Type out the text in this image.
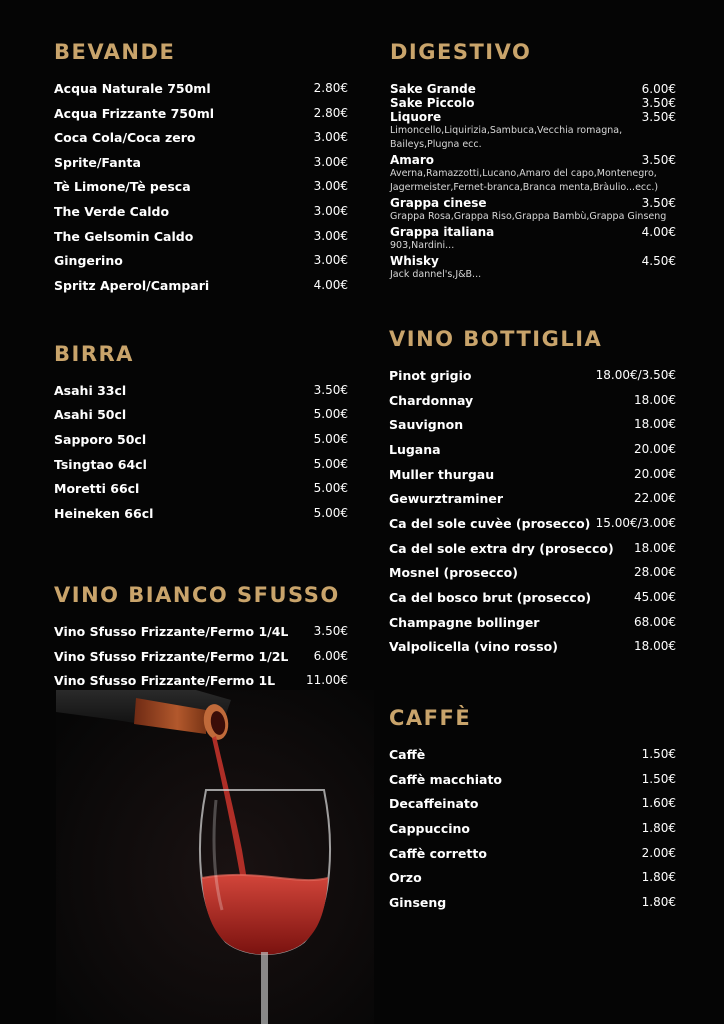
BEVANDE
Acqua Naturale 750ml	2.80€
Acqua Frizzante 750ml	2.80€
Coca Cola/Coca zero	3.00€
Sprite/Fanta	3.00€
Tè Limone/Tè pesca	3.00€
The Verde Caldo	3.00€
The Gelsomin Caldo	3.00€
Gingerino	3.00€
Spritz Aperol/Campari	4.00€
BIRRA
Asahi 33cl	3.50€
Asahi 50cl	5.00€
Sapporo 50cl	5.00€
Tsingtao 64cl	5.00€
Moretti 66cl	5.00€
Heineken 66cl	5.00€
VINO BIANCO SFUSSO
Vino Sfusso Frizzante/Fermo 1/4L 3.50€
Vino Sfusso Frizzante/Fermo 1/2L 6.00€
Vino Sfusso Frizzante/Fermo 1L	11.00€
DIGESTIVO
Sake Grande	6.00€
Sake Piccolo	3.50€
Liquore	3.50€
Limoncello,Liquirizia,Sambuca,Vecchia romagna, Baileys,Plugna ecc.
Amaro	3.50€
Averna,Ramazzotti,Lucano,Amaro del capo,Montenegro, Jagermeister,Fernet-branca,Branca menta,Bràulio...ecc.)
Grappa cinese	3.50€
Grappa Rosa,Grappa Riso,Grappa Bambù,Grappa Ginseng
Grappa italiana	4.00€
903,Nardini...
Whisky	4.50€
Jack dannel's,J&B...
VINO BOTTIGLIA
Pinot grigio	18.00€/3.50€
Chardonnay	18.00€
Sauvignon	18.00€
Lugana	20.00€
Muller thurgau	20.00€
Gewurztraminer	22.00€
Ca del sole cuvèe (prosecco) 15.00€/3.00€
Ca del sole extra dry (prosecco) 18.00€
Mosnel (prosecco)	28.00€
Ca del bosco brut (prosecco)	45.00€
Champagne bollinger	68.00€
Valpolicella (vino rosso)	18.00€
CAFFÈ
Caffè	1.50€
Caffè macchiato	1.50€
Decaffeinato	1.60€
Cappuccino	1.80€
Caffè corretto	2.00€
Orzo	1.80€
Ginseng	1.80€
